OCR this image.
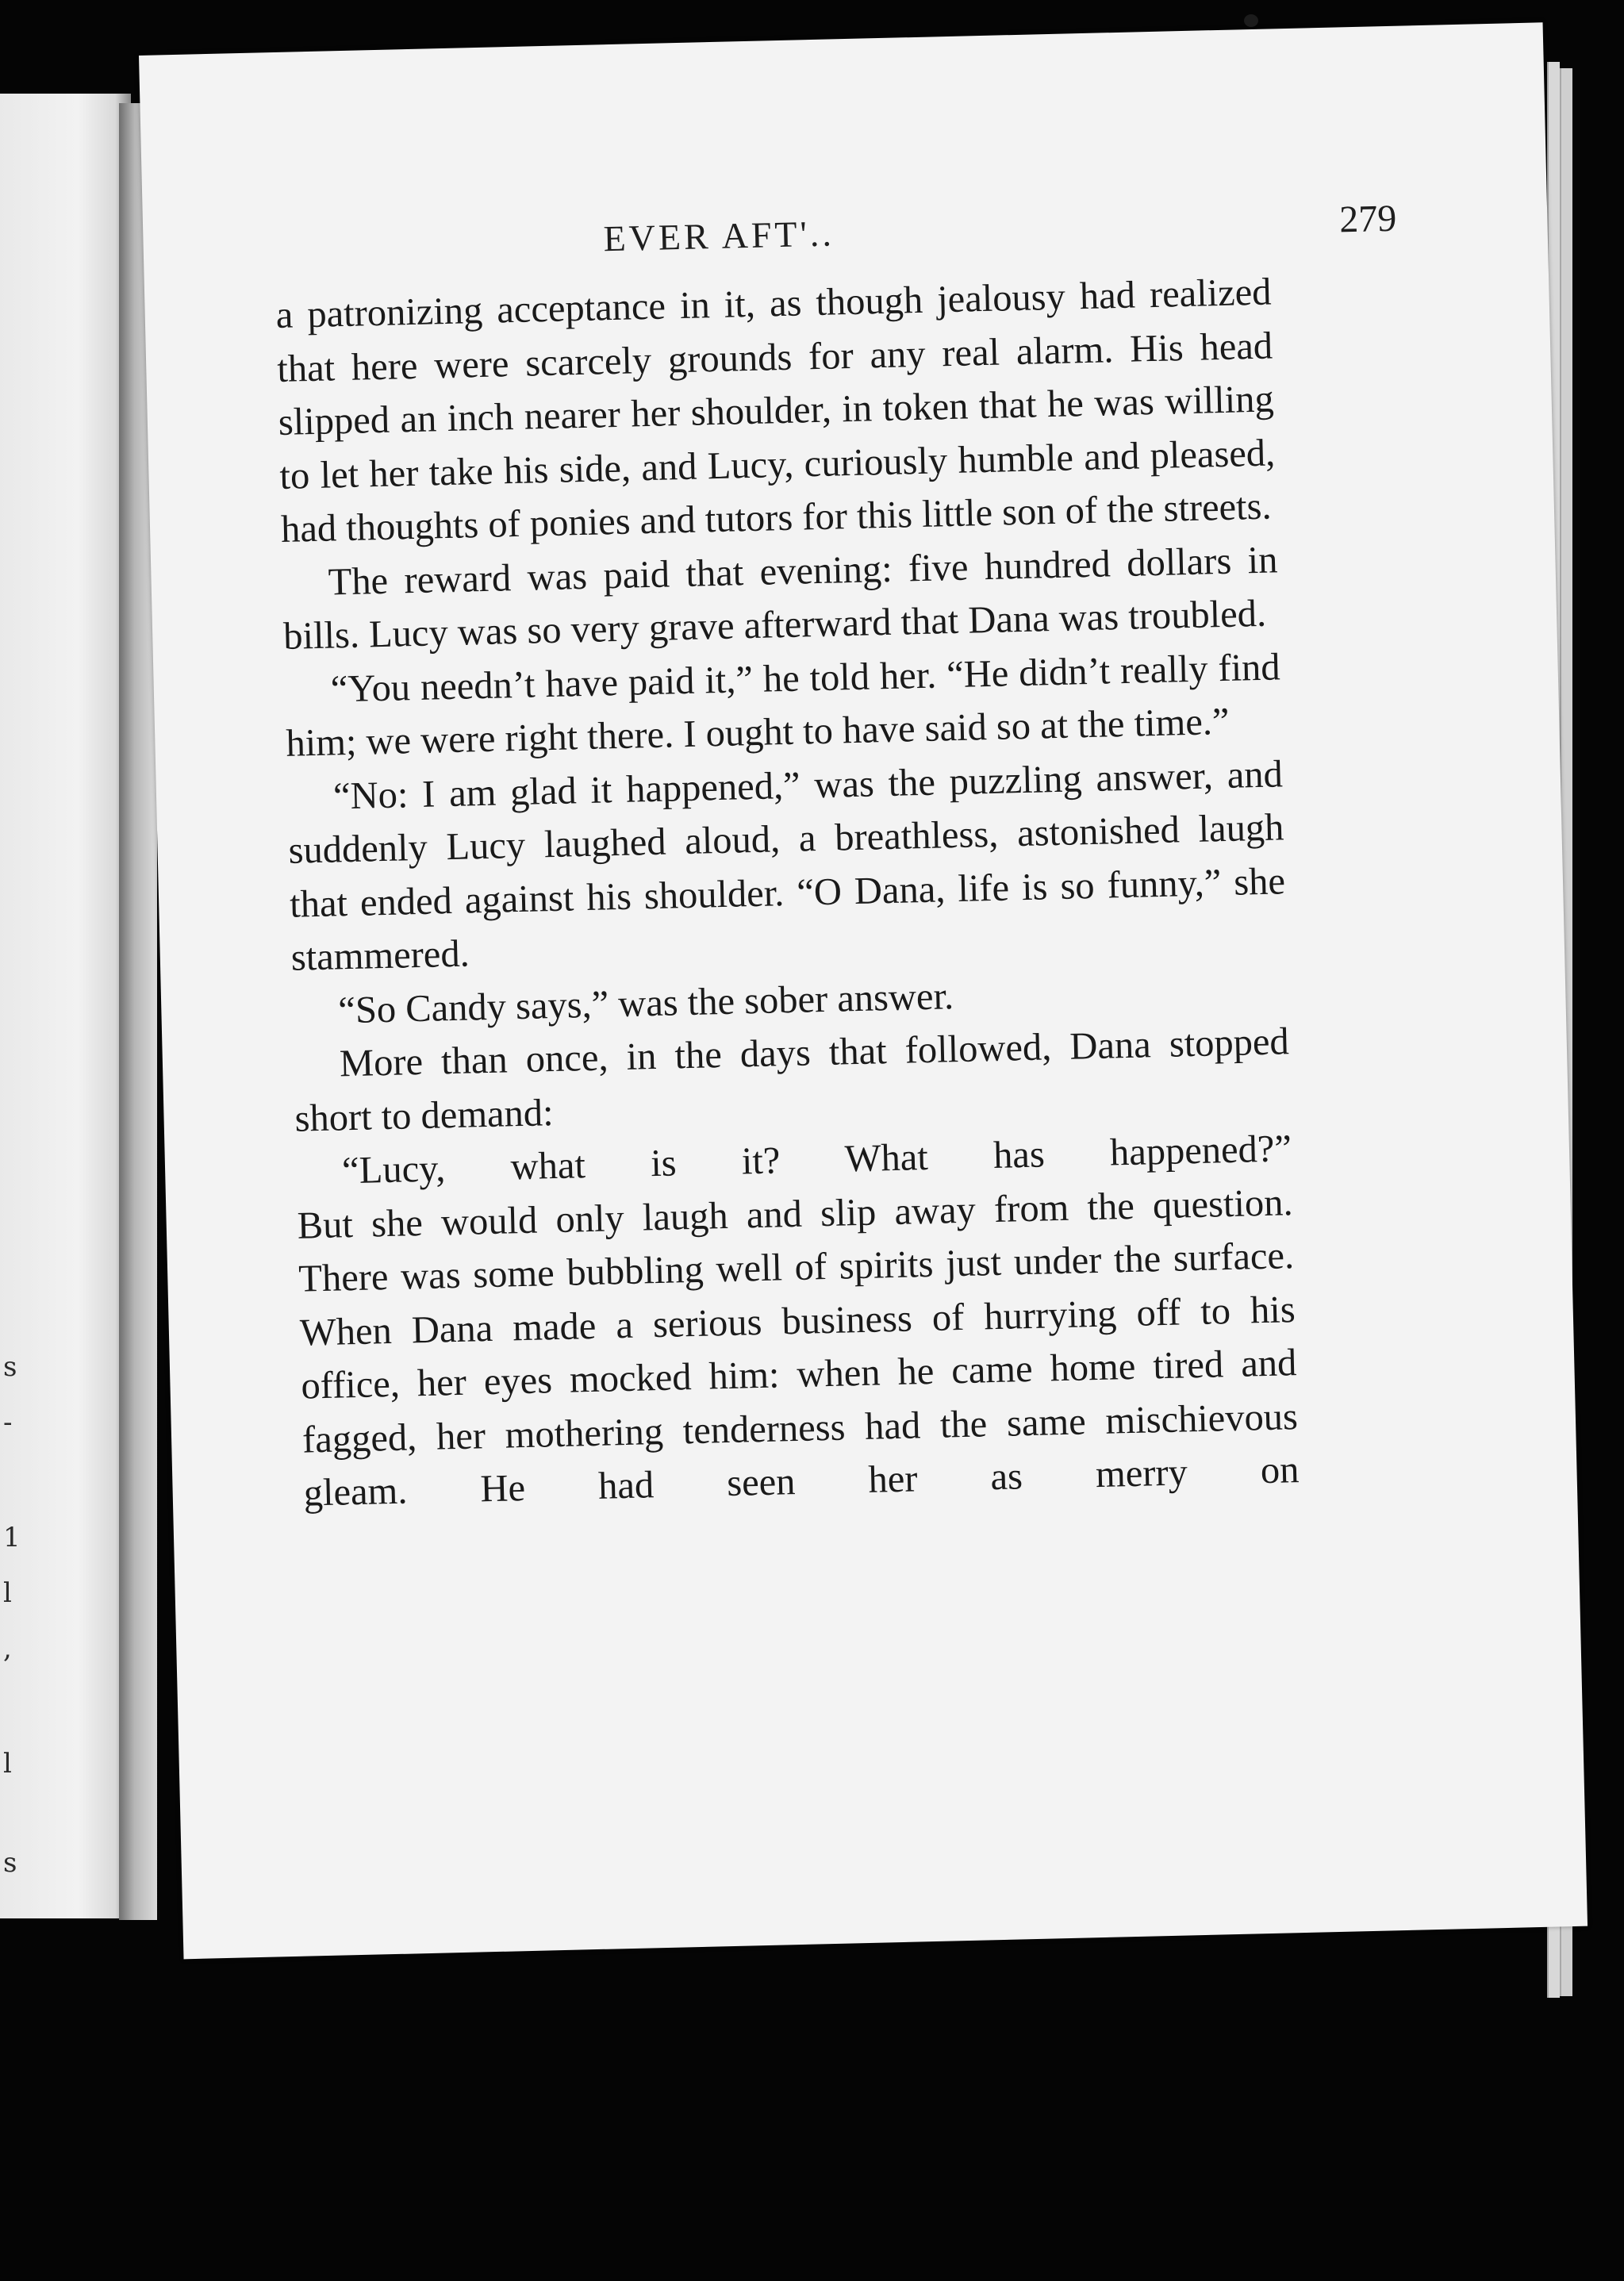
s
-
1
l
,
l
s
EVER AFT'..	279

a patronizing acceptance in it, as though jealousy had realized that here were scarcely grounds for any real alarm. His head slipped an inch nearer her shoulder, in token that he was willing to let her take his side, and Lucy, curiously humble and pleased, had thoughts of ponies and tutors for this little son of the streets.

The reward was paid that evening: five hundred dollars in bills. Lucy was so very grave afterward that Dana was troubled.

“You needn’t have paid it,” he told her. “He didn’t really find him; we were right there. I ought to have said so at the time.”

“No: I am glad it happened,” was the puzzling answer, and suddenly Lucy laughed aloud, a breathless, astonished laugh that ended against his shoulder. “O Dana, life is so funny,” she stammered.

“So Candy says,” was the sober answer.

More than once, in the days that followed, Dana stopped short to demand:

“Lucy, what is it? What has happened?”

But she would only laugh and slip away from the question. There was some bubbling well of spirits just under the surface. When Dana made a serious business of hurrying off to his office, her eyes mocked him: when he came home tired and fagged, her mothering tenderness had the same mischievous gleam. He had seen her as merry on
